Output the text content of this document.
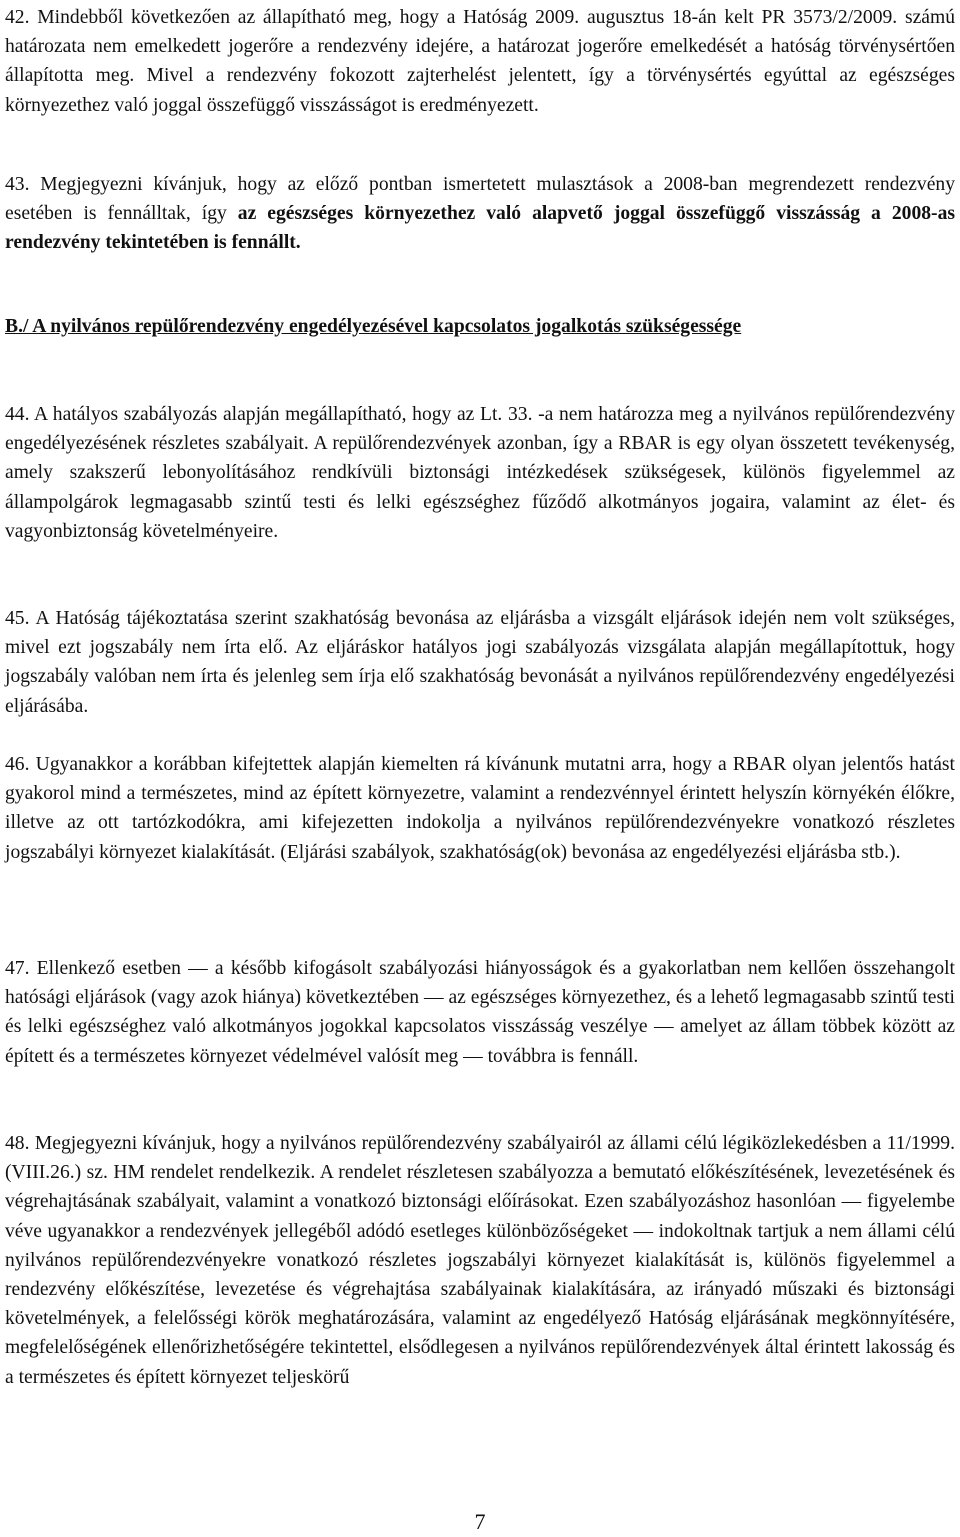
42. Mindebből következően az állapítható meg, hogy a Hatóság 2009. augusztus 18-án kelt PR 3573/2/2009. számú határozata nem emelkedett jogerőre a rendezvény idejére, a határozat jogerőre emelkedését a hatóság törvénysértően állapította meg. Mivel a rendezvény fokozott zajterhelést jelentett, így a törvénysértés egyúttal az egészséges környezethez való joggal összefüggő visszásságot is eredményezett.

43. Megjegyezni kívánjuk, hogy az előző pontban ismertetett mulasztások a 2008-ban megrendezett rendezvény esetében is fennálltak, így az egészséges környezethez való alapvető joggal összefüggő visszásság a 2008-as rendezvény tekintetében is fennállt.

B./ A nyilvános repülőrendezvény engedélyezésével kapcsolatos jogalkotás szükségessége

44. A hatályos szabályozás alapján megállapítható, hogy az Lt. 33. -a nem határozza meg a nyilvános repülőrendezvény engedélyezésének részletes szabályait. A repülőrendezvények azonban, így a RBAR is egy olyan összetett tevékenység, amely szakszerű lebonyolításához rendkívüli biztonsági intézkedések szükségesek, különös figyelemmel az állampolgárok legmagasabb szintű testi és lelki egészséghez fűződő alkotmányos jogaira, valamint az élet- és vagyonbiztonság követelményeire.

45. A Hatóság tájékoztatása szerint szakhatóság bevonása az eljárásba a vizsgált eljárások idején nem volt szükséges, mivel ezt jogszabály nem írta elő. Az eljáráskor hatályos jogi szabályozás vizsgálata alapján megállapítottuk, hogy jogszabály valóban nem írta és jelenleg sem írja elő szakhatóság bevonását a nyilvános repülőrendezvény engedélyezési eljárásába.

46. Ugyanakkor a korábban kifejtettek alapján kiemelten rá kívánunk mutatni arra, hogy a RBAR olyan jelentős hatást gyakorol mind a természetes, mind az épített környezetre, valamint a rendezvénnyel érintett helyszín környékén élőkre, illetve az ott tartózkodókra, ami kifejezetten indokolja a nyilvános repülőrendezvényekre vonatkozó részletes jogszabályi környezet kialakítását. (Eljárási szabályok, szakhatóság(ok) bevonása az engedélyezési eljárásba stb.).

47. Ellenkező esetben — a később kifogásolt szabályozási hiányosságok és a gyakorlatban nem kellően összehangolt hatósági eljárások (vagy azok hiánya) következtében — az egészséges környezethez, és a lehető legmagasabb szintű testi és lelki egészséghez való alkotmányos jogokkal kapcsolatos visszásság veszélye — amelyet az állam többek között az épített és a természetes környezet védelmével valósít meg — továbbra is fennáll.

48. Megjegyezni kívánjuk, hogy a nyilvános repülőrendezvény szabályairól az állami célú légiközlekedésben a 11/1999. (VIII.26.) sz. HM rendelet rendelkezik. A rendelet részletesen szabályozza a bemutató előkészítésének, levezetésének és végrehajtásának szabályait, valamint a vonatkozó biztonsági előírásokat. Ezen szabályozáshoz hasonlóan — figyelembe véve ugyanakkor a rendezvények jellegéből adódó esetleges különbözőségeket — indokoltnak tartjuk a nem állami célú nyilvános repülőrendezvényekre vonatkozó részletes jogszabályi környezet kialakítását is, különös figyelemmel a rendezvény előkészítése, levezetése és végrehajtása szabályainak kialakítására, az irányadó műszaki és biztonsági követelmények, a felelősségi körök meghatározására, valamint az engedélyező Hatóság eljárásának megkönnyítésére, megfelelőségének ellenőrizhetőségére tekintettel, elsődlegesen a nyilvános repülőrendezvények által érintett lakosság és a természetes és épített környezet teljeskörű

7
